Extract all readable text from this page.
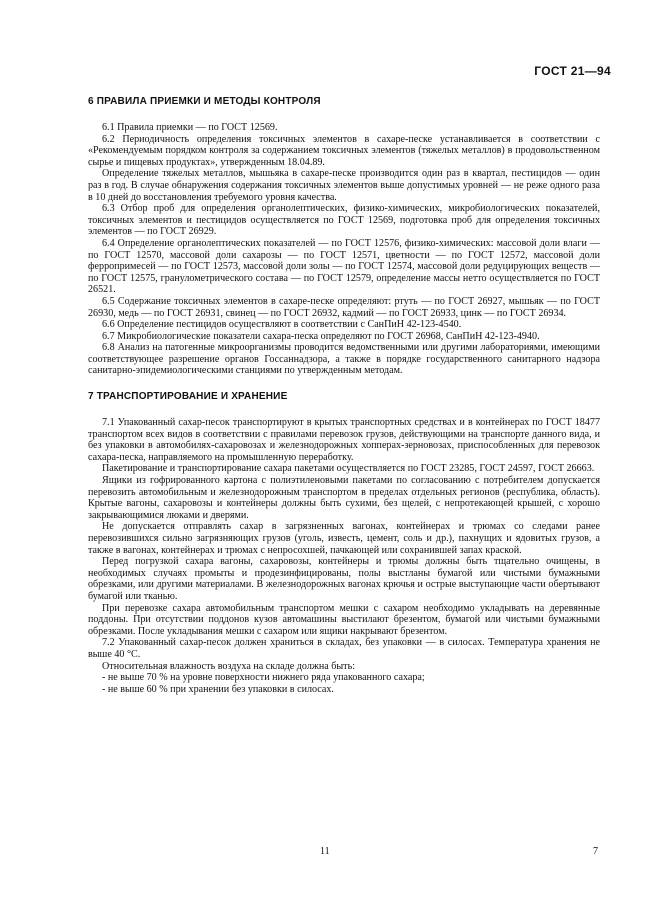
ГОСТ 21—94
6 ПРАВИЛА ПРИЕМКИ И МЕТОДЫ КОНТРОЛЯ

6.1 Правила приемки — по ГОСТ 12569.

6.2 Периодичность определения токсичных элементов в сахаре-песке устанавливается в соответствии с «Рекомендуемым порядком контроля за содержанием токсичных элементов (тяжелых металлов) в продовольственном сырье и пищевых продуктах», утвержденным 18.04.89.

Определение тяжелых металлов, мышьяка в сахаре-песке производится один раз в квартал, пестицидов — один раз в год. В случае обнаружения содержания токсичных элементов выше допустимых уровней — не реже одного раза в 10 дней до восстановления требуемого уровня качества.

6.3 Отбор проб для определения органолептических, физико-химических, микробиологических показателей, токсичных элементов и пестицидов осуществляется по ГОСТ 12569, подготовка проб для определения токсичных элементов — по ГОСТ 26929.

6.4 Определение органолептических показателей — по ГОСТ 12576, физико-химических: массовой доли влаги — по ГОСТ 12570, массовой доли сахарозы — по ГОСТ 12571, цветности — по ГОСТ 12572, массовой доли ферропримесей — по ГОСТ 12573, массовой доли золы — по ГОСТ 12574, массовой доли редуцирующих веществ — по ГОСТ 12575, гранулометрического состава — по ГОСТ 12579, определение массы нетто осуществляется по ГОСТ 26521.

6.5 Содержание токсичных элементов в сахаре-песке определяют: ртуть — по ГОСТ 26927, мышьяк — по ГОСТ 26930, медь — по ГОСТ 26931, свинец — по ГОСТ 26932, кадмий — по ГОСТ 26933, цинк — по ГОСТ 26934.

6.6 Определение пестицидов осуществляют в соответствии с СанПиН 42-123-4540.

6.7 Микробиологические показатели сахара-песка определяют по ГОСТ 26968, СанПиН 42-123-4940.

6.8 Анализ на патогенные микроорганизмы проводится ведомственными или другими лабораториями, имеющими соответствующее разрешение органов Госсаннадзора, а также в порядке государственного санитарного надзора санитарно-эпидемиологическими станциями по утвержденным методам.

7 ТРАНСПОРТИРОВАНИЕ И ХРАНЕНИЕ

7.1 Упакованный сахар-песок транспортируют в крытых транспортных средствах и в контейнерах по ГОСТ 18477 транспортом всех видов в соответствии с правилами перевозок грузов, действующими на транспорте данного вида, и без упаковки в автомобилях-сахаровозах и железнодорожных хопперах-зерновозах, приспособленных для перевозок сахара-песка, направляемого на промышленную переработку.

Пакетирование и транспортирование сахара пакетами осуществляется по ГОСТ 23285, ГОСТ 24597, ГОСТ 26663.

Ящики из гофрированного картона с полиэтиленовыми пакетами по согласованию с потребителем допускается перевозить автомобильным и железнодорожным транспортом в пределах отдельных регионов (республика, область). Крытые вагоны, сахаровозы и контейнеры должны быть сухими, без щелей, с непротекающей крышей, с хорошо закрывающимися люками и дверями.

Не допускается отправлять сахар в загрязненных вагонах, контейнерах и трюмах со следами ранее перевозившихся сильно загрязняющих грузов (уголь, известь, цемент, соль и др.), пахнущих и ядовитых грузов, а также в вагонах, контейнерах и трюмах с непросохшей, пачкающей или сохранившей запах краской.

Перед погрузкой сахара вагоны, сахаровозы, контейнеры и трюмы должны быть тщательно очищены, в необходимых случаях промыты и продезинфицированы, полы выстланы бумагой или чистыми бумажными обрезками, или другими материалами. В железнодорожных вагонах крючья и острые выступающие части обертывают бумагой или тканью.

При перевозке сахара автомобильным транспортом мешки с сахаром необходимо укладывать на деревянные поддоны. При отсутствии поддонов кузов автомашины выстилают брезентом, бумагой или чистыми бумажными обрезками. После укладывания мешки с сахаром или ящики накрывают брезентом.

7.2 Упакованный сахар-песок должен храниться в складах, без упаковки — в силосах. Температура хранения не выше 40 °С.

Относительная влажность воздуха на складе должна быть:

- не выше 70 % на уровне поверхности нижнего ряда упакованного сахара;

- не выше 60 % при хранении без упаковки в силосах.

11	7
